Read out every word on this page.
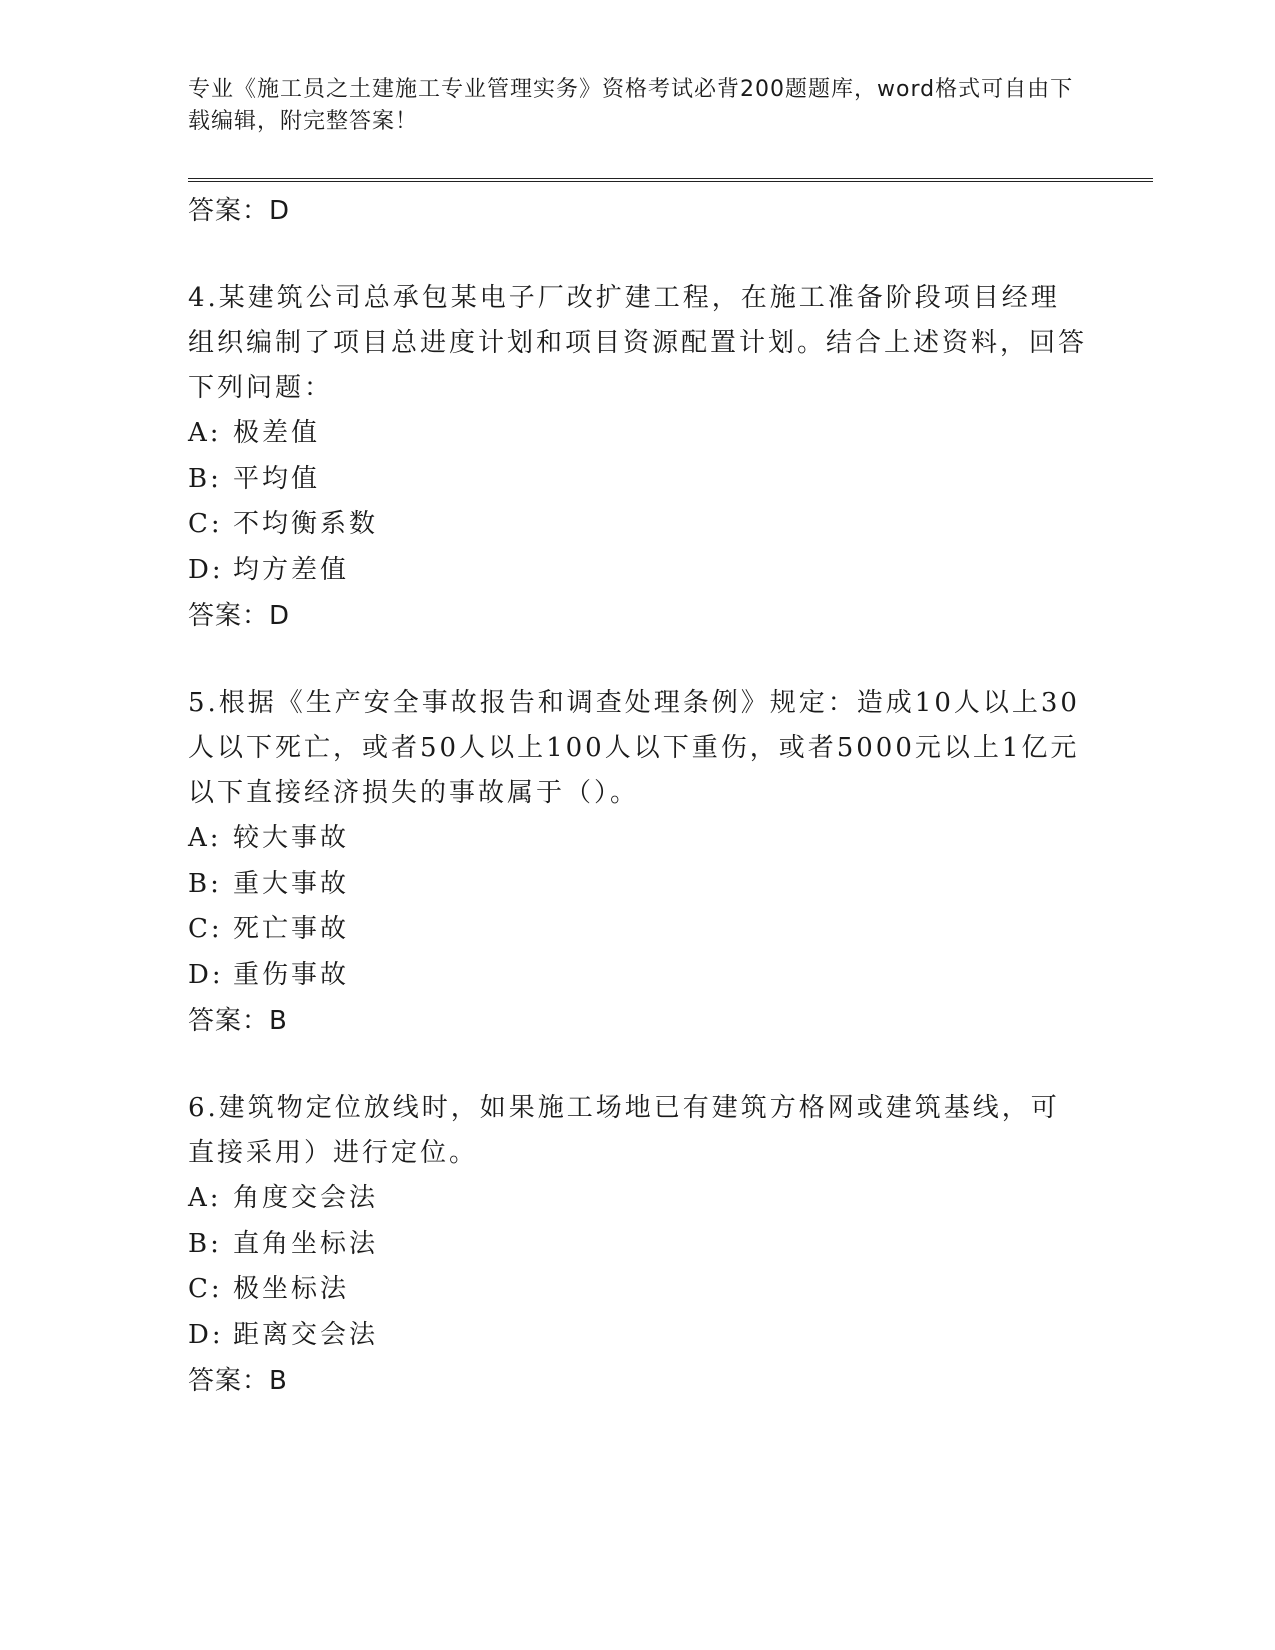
专业《施工员之土建施工专业管理实务》资格考试必背200题题库，word格式可自由下载编辑，附完整答案！
答案：D
4.某建筑公司总承包某电子厂改扩建工程，在施工准备阶段项目经理组织编制了项目总进度计划和项目资源配置计划。结合上述资料，回答下列问题：
A: 极差值
B: 平均值
C: 不均衡系数
D: 均方差值
答案：D
5.根据《生产安全事故报告和调查处理条例》规定：造成10人以上30人以下死亡，或者50人以上100人以下重伤，或者5000元以上1亿元以下直接经济损失的事故属于（）。
A: 较大事故
B: 重大事故
C: 死亡事故
D: 重伤事故
答案：B
6.建筑物定位放线时，如果施工场地已有建筑方格网或建筑基线，可直接采用）进行定位。
A: 角度交会法
B: 直角坐标法
C: 极坐标法
D: 距离交会法
答案：B
